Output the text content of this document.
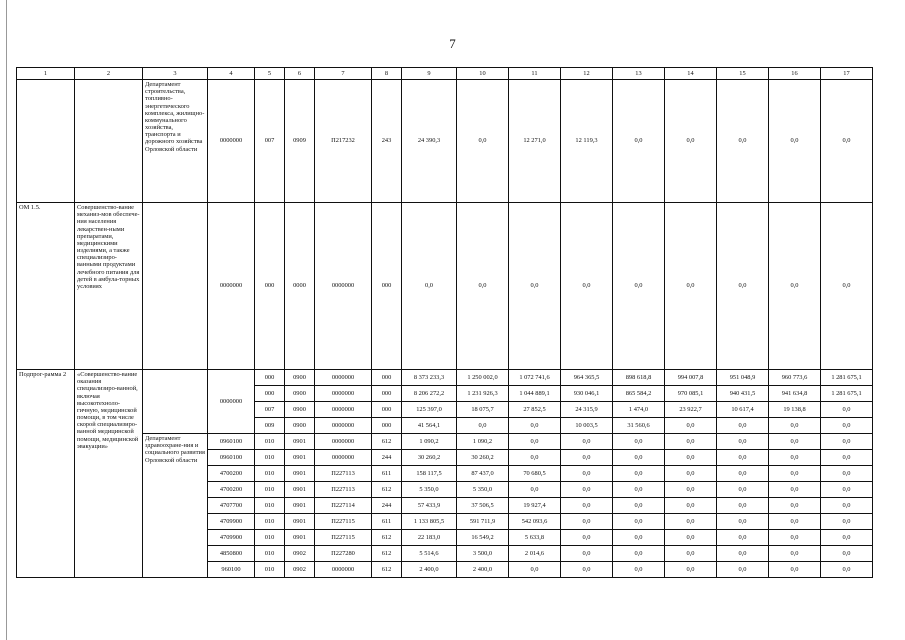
7
1	2	3	4	5	6	7	8	9	10	11	12	13	14	15	16	17
		Департамент строительства, топливно-энергетического комплекса, жилищно-коммунального хозяйства, транспорта и дорожного хозяйства Орловской области	0000000	007	0909	П217232	243	24 390,3	0,0	12 271,0	12 119,3	0,0	0,0	0,0	0,0	0,0
ОМ 1.5.	Совершенство-вание механиз-мов обеспече-ния населения лекарствен-ными препаратами, медицинскими изделиями, а также специализиро-ванными продуктами лечебного питания для детей в амбула-торных условиях		0000000	000	0000	0000000	000	0,0	0,0	0,0	0,0	0,0	0,0	0,0	0,0	0,0
Подпрог-рамма 2	«Совершенство-вание оказания специализиро-ванной, включая высокотехноло-гичную, медицинской помощи, в том числе скорой специализиро-ванной медицинской помощи, медицинской эвакуации»		0000000	000	0900	0000000	000	8 373 233,3	1 250 002,0	1 072 741,6	964 365,5	898 618,8	994 007,8	951 048,9	960 773,6	1 281 675,1
				000	0900	0000000	000	8 206 272,2	1 231 926,3	1 044 889,1	930 046,1	865 584,2	970 085,1	940 431,5	941 634,8	1 281 675,1
				007	0900	0000000	000	125 397,0	18 075,7	27 852,5	24 315,9	1 474,0	23 922,7	10 617,4	19 138,8	0,0
				009	0900	0000000	000	41 564,1	0,0	0,0	10 003,5	31 560,6	0,0	0,0	0,0	0,0
		Департамент здравоохране-ния и социального развития Орловской области	0960100	010	0901	0000000	612	1 090,2	1 090,2	0,0	0,0	0,0	0,0	0,0	0,0	0,0
			0960100	010	0901	0000000	244	30 260,2	30 260,2	0,0	0,0	0,0	0,0	0,0	0,0	0,0
			4700200	010	0901	П227113	611	158 117,5	87 437,0	70 680,5	0,0	0,0	0,0	0,0	0,0	0,0
			4700200	010	0901	П227113	612	5 350,0	5 350,0	0,0	0,0	0,0	0,0	0,0	0,0	0,0
			4707700	010	0901	П227114	244	57 433,9	37 506,5	19 927,4	0,0	0,0	0,0	0,0	0,0	0,0
			4709900	010	0901	П227115	611	1 133 805,5	591 711,9	542 093,6	0,0	0,0	0,0	0,0	0,0	0,0
			4709900	010	0901	П227115	612	22 183,0	16 549,2	5 633,8	0,0	0,0	0,0	0,0	0,0	0,0
			4850800	010	0902	П227280	612	5 514,6	3 500,0	2 014,6	0,0	0,0	0,0	0,0	0,0	0,0
			960100	010	0902	0000000	612	2 400,0	2 400,0	0,0	0,0	0,0	0,0	0,0	0,0	0,0
